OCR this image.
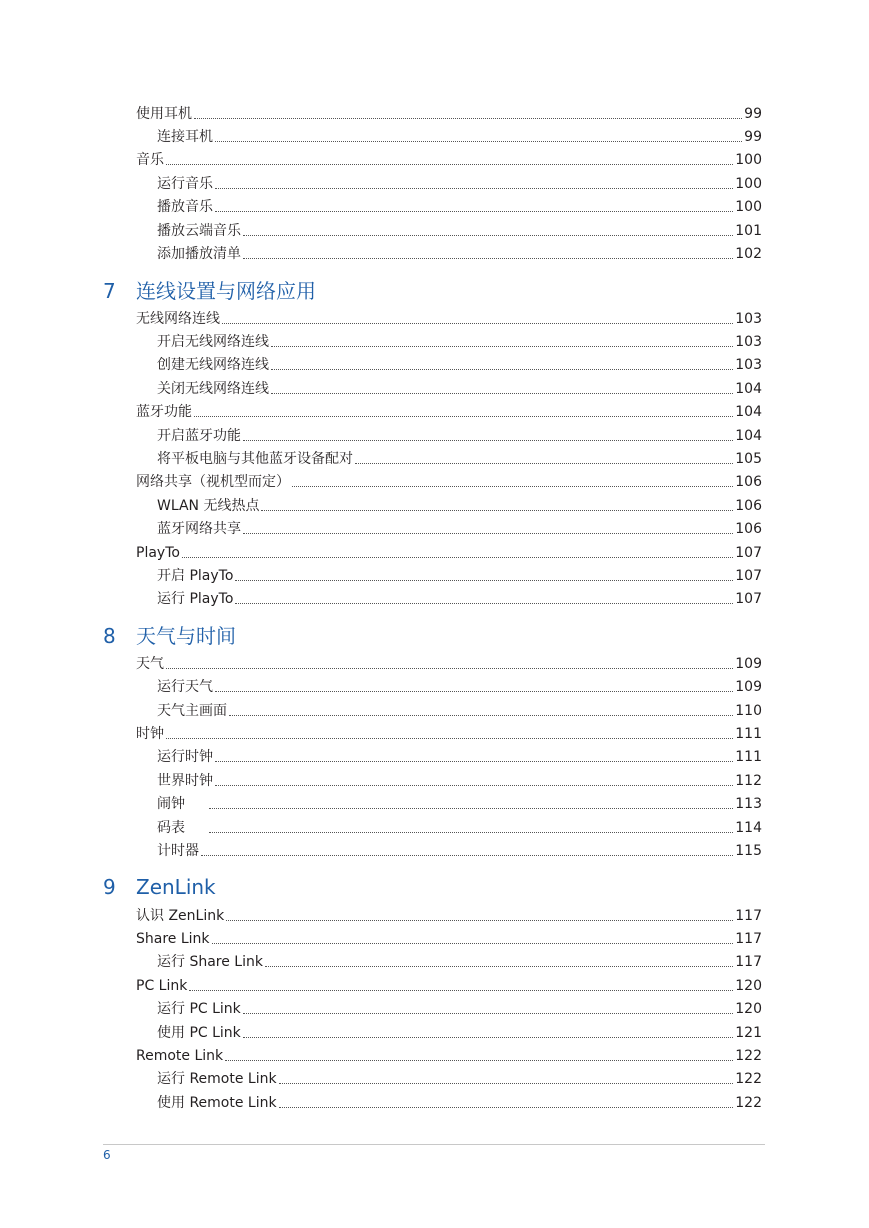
使用耳机	99
连接耳机	99
音乐	100
运行音乐	100
播放音乐	100
播放云端音乐	101
添加播放清单	102
7	连线设置与网络应用
无线网络连线	103
开启无线网络连线	103
创建无线网络连线	103
关闭无线网络连线	104
蓝牙功能	104
开启蓝牙功能	104
将平板电脑与其他蓝牙设备配对	105
网络共享（视机型而定）	106
WLAN 无线热点	106
蓝牙网络共享	106
PlayTo	107
开启 PlayTo	107
运行 PlayTo	107
8	天气与时间
天气	109
运行天气	109
天气主画面	110
时钟	111
运行时钟	111
世界时钟	112
闹钟	113
码表	114
计时器	115
9	ZenLink
认识 ZenLink	117
Share Link	117
运行 Share Link	117
PC Link	120
运行 PC Link	120
使用 PC Link	121
Remote Link	122
运行 Remote Link	122
使用 Remote Link	122
6
